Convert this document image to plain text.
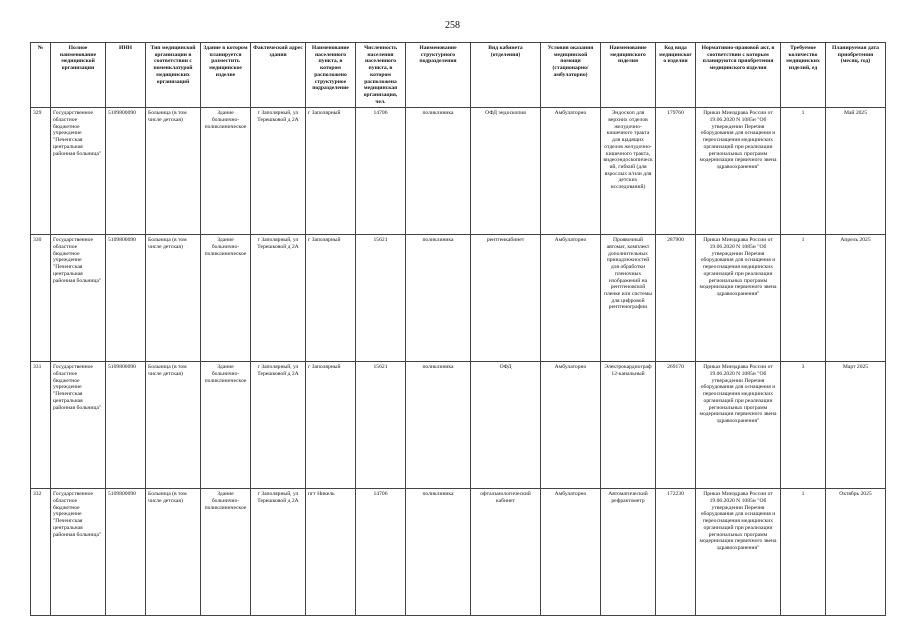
258
№	Полное наименование медицинской организации	ИНН	Тип медицинской организации в соответствии с номенклатурой медицинских организаций	Здание в котором планируется разместить медицинское изделие	Фактический адрес здания	Наименование населенного пункта, в котором расположено структурное подразделение	Численность населения населенного пункта, в котором расположена медицинская организация, чел.	Наименование структурного подразделения	Вид кабинета (отделения)	Условия оказания медицинской помощи (стационарно/амбулаторно)	Наименование медицинского изделия	Код вида медицинского изделия	Нормативно-правовой акт, в соответствии с которым планируются приобретения медицинского изделия	Требуемое количество медицинских изделий, ед	Планируемая дата приобретения (месяц, год)
329	Государственное областное бюджетное учреждение "Печенгская центральная районная больница"	5109800090	Больница (в том числе детская)	Здание больнично-поликлиническое	г Заполярный, ул Терешковой д 2А	г Заполярный	14706	поликлиника	ОФД эндоскопия	Амбулаторно	Эндоскоп для верхних отделов желудочно-кишечного тракта для щадящих отделов желудочно-кишечного тракта, видеоэндоскопический, гибкий (для взрослых и/или для детских исследований)	179760	Приказ Минздрава России от 19.06.2020 N 1085н "Об утверждении Перечня оборудования для оснащения и переоснащения медицинских организаций при реализации региональных программ модернизации первичного звена здравоохранения"	1	Май 2025
330	Государственное областное бюджетное учреждение "Печенгская центральная районная больница"	5109800090	Больница (в том числе детская)	Здание больнично-поликлиническое	г Заполярный, ул Терешковой д 2А	г Заполярный	15621	поликлиника	рентгенкабинет	Амбулаторно	Проявочный автомат, комплект дополнительных принадлежностей для обработки пленочных изображений на рентгеновской пленке или системы для цифровой рентгенографии	287900	Приказ Минздрава России от 19.06.2020 N 1085н "Об утверждении Перечня оборудования для оснащения и переоснащения медицинских организаций при реализации региональных программ модернизации первичного звена здравоохранения"	1	Апрель 2025
331	Государственное областное бюджетное учреждение "Печенгская центральная районная больница"	5109800090	Больница (в том числе детская)	Здание больнично-поликлиническое	г Заполярный, ул Терешковой д 2А	г Заполярный	15621	поликлиника	ОФД	Амбулаторно	Электрокардиограф 12-канальный	269170	Приказ Минздрава России от 19.06.2020 N 1085н "Об утверждении Перечня оборудования для оснащения и переоснащения медицинских организаций при реализации региональных программ модернизации первичного звена здравоохранения"	3	Март 2025
332	Государственное областное бюджетное учреждение "Печенгская центральная районная больница"	5109800090	Больница (в том числе детская)	Здание больнично-поликлиническое	г Заполярный, ул Терешковой д 2А	пгт Никель	14706	поликлиника	офтальмологический кабинет	Амбулаторно	Автоматический рефрактометр	172230	Приказ Минздрава России от 19.06.2020 N 1085н "Об утверждении Перечня оборудования для оснащения и переоснащения медицинских организаций при реализации региональных программ модернизации первичного звена здравоохранения"	1	Октябрь 2025
